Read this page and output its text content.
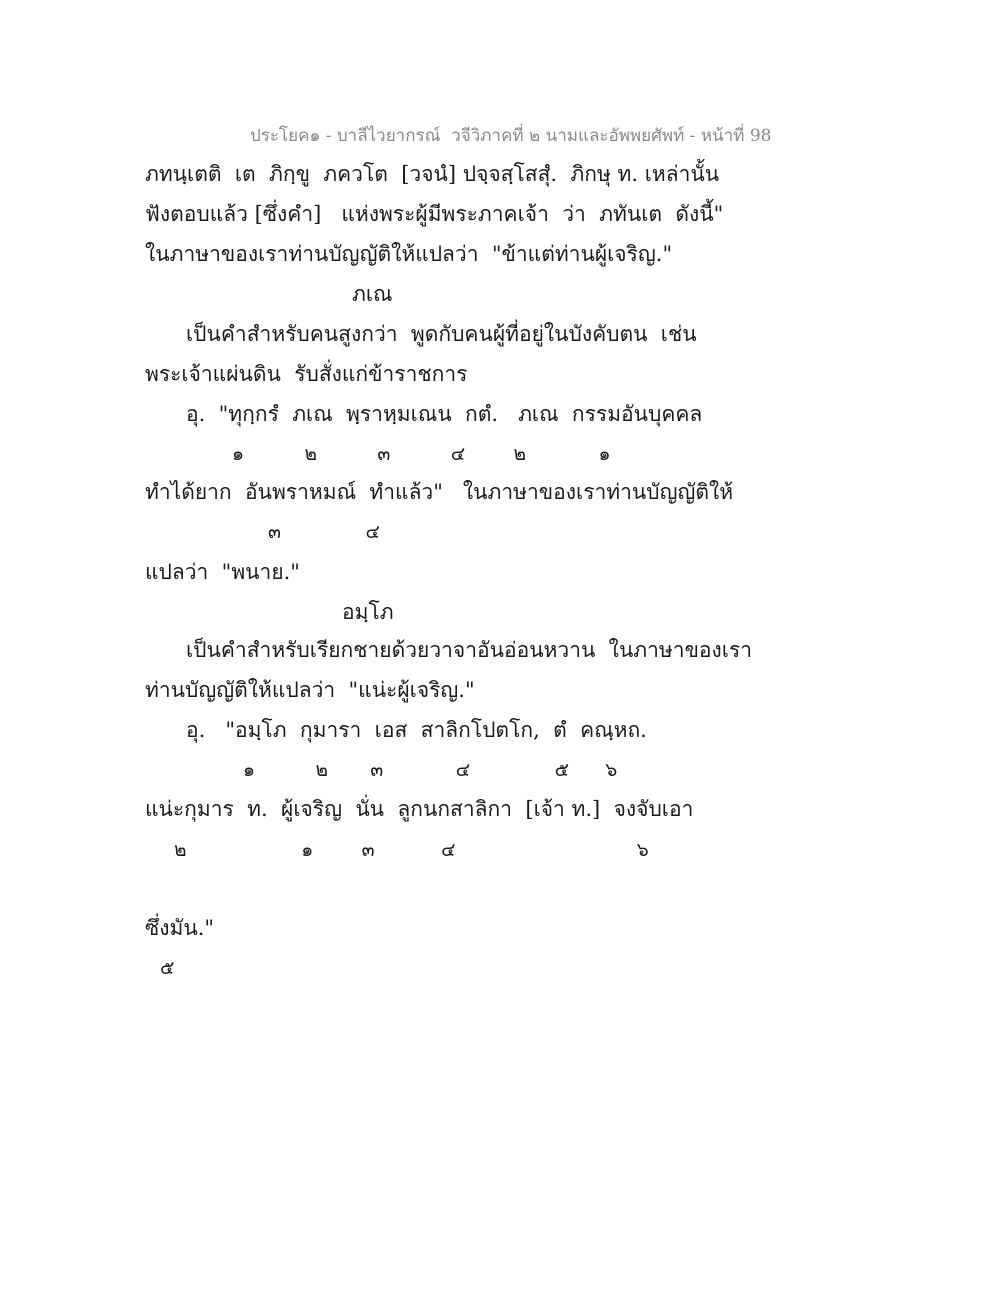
ประโยค๑ - บาลีไวยากรณ์  วจีวิภาคที่ ๒ นามและอัพพยศัพท์ - หน้าที่ 98
ภทนฺเตติ  เต  ภิกฺขู  ภควโต  [วจนํ] ปจฺจสฺโสสุํ.  ภิกษุ ท. เหล่านั้น
ฟังตอบแล้ว [ซึ่งคำ]   แห่งพระผู้มีพระภาคเจ้า  ว่า  ภทันเต  ดังนี้"
ในภาษาของเราท่านบัญญัติให้แปลว่า  "ข้าแต่ท่านผู้เจริญ."
ภเณ
เป็นคำสำหรับคนสูงกว่า  พูดกับคนผู้ที่อยู่ในบังคับตน  เช่น
พระเจ้าแผ่นดิน  รับสั่งแก่ข้าราชการ
อุ.  "ทุกฺกรํ  ภเณ  พฺราหฺมเณน  กตํ.   ภเณ  กรรมอันบุคคล
๑          ๒          ๓          ๔        ๒            ๑
ทำได้ยาก  อันพราหมณ์  ทำแล้ว"   ในภาษาของเราท่านบัญญัติให้
๓              ๔
แปลว่า  "พนาย."
อมฺโภ
เป็นคำสำหรับเรียกชายด้วยวาจาอันอ่อนหวาน  ในภาษาของเรา
ท่านบัญญัติให้แปลว่า  "แน่ะผู้เจริญ."
อุ.   "อมฺโภ  กุมารา  เอส  สาลิกโปตโก,  ตํ  คณฺหถ.
๑          ๒       ๓            ๔              ๕      ๖
แน่ะกุมาร  ท.  ผู้เจริญ  นั่น  ลูกนกสาลิกา  [เจ้า ท.]  จงจับเอา
๒                   ๑        ๓           ๔                              ๖
ซึ่งมัน."
๕
